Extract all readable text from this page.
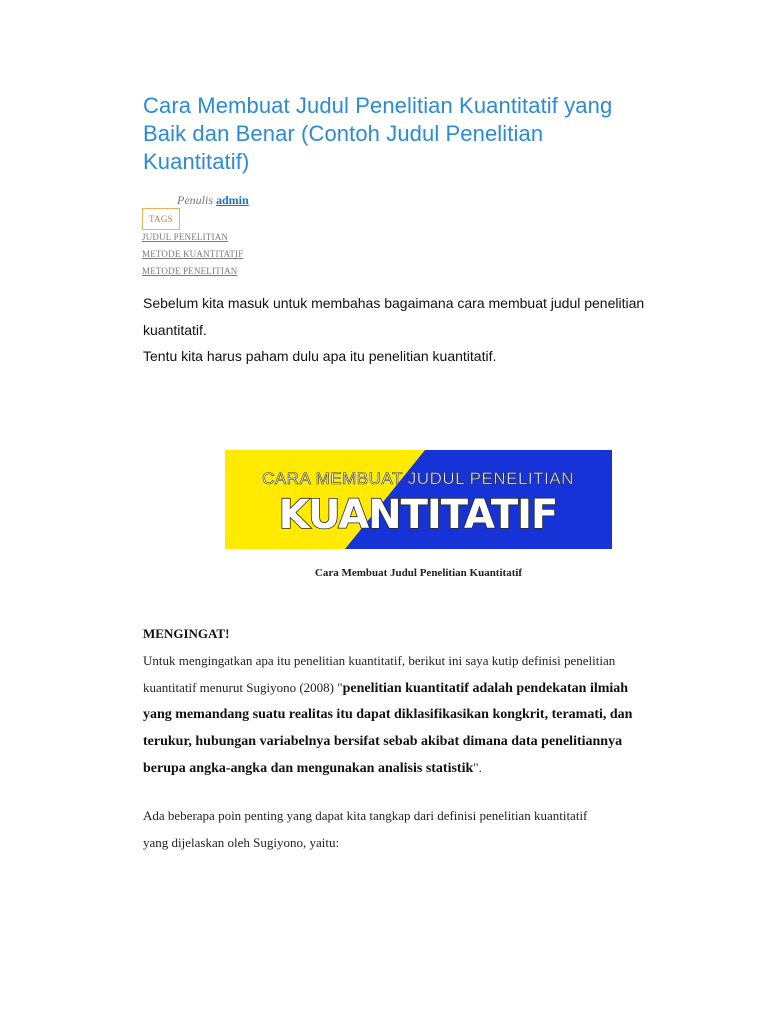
Cara Membuat Judul Penelitian Kuantitatif yang
Baik dan Benar (Contoh Judul Penelitian
Kuantitatif)
Penulis admin
TAGS
JUDUL PENELITIAN
METODE KUANTITATIF
METODE PENELITIAN

Sebelum kita masuk untuk membahas bagaimana cara membuat judul penelitian

kuantitatif.

Tentu kita harus paham dulu apa itu penelitian kuantitatif.

CARA MEMBUAT JUDUL PENELITIAN
KUANTITATIF
Cara Membuat Judul Penelitian Kuantitatif
MENGINGAT!
Untuk mengingatkan apa itu penelitian kuantitatif, berikut ini saya kutip definisi penelitian
kuantitatif menurut Sugiyono (2008) "penelitian kuantitatif adalah pendekatan ilmiah
yang memandang suatu realitas itu dapat diklasifikasikan kongkrit, teramati, dan
terukur, hubungan variabelnya bersifat sebab akibat dimana data penelitiannya
berupa angka-angka dan mengunakan analisis statistik".
Ada beberapa poin penting yang dapat kita tangkap dari definisi penelitian kuantitatif
yang dijelaskan oleh Sugiyono, yaitu:
